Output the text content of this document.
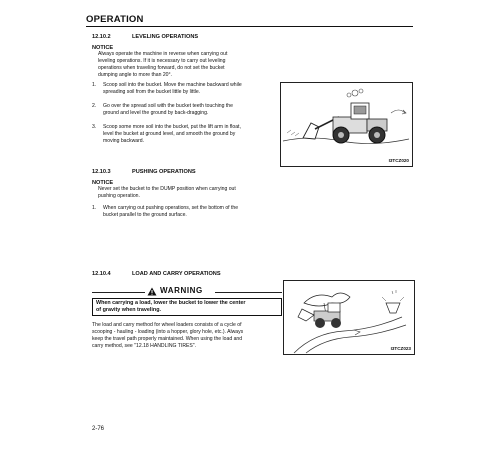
OPERATION
12.10.2	LEVELING OPERATIONS
NOTICE
Always operate the machine in reverse when carrying out
leveling operations. If it is necessary to carry out leveling
operations when traveling forward, do not set the bucket
dumping angle to more than 20°.
1. Scoop soil into the bucket. Move the machine backward while
spreading soil from the bucket little by little.
2. Go over the spread soil with the bucket teeth touching the
ground and level the ground by back-dragging.
3. Scoop some more soil into the bucket, put the lift arm in float,
level the bucket at ground level, and smooth the ground by
moving backward.
I3TCZ020
12.10.3	PUSHING OPERATIONS
NOTICE
Never set the bucket to the DUMP position when carrying out
pushing operation.
1. When carrying out pushing operations, set the bottom of the
bucket parallel to the ground surface.
12.10.4	LOAD AND CARRY OPERATIONS
WARNING
When carrying a load, lower the bucket to lower the center
of gravity when traveling.
The load and carry method for wheel loaders consists of a cycle of
scooping - hauling - loading (into a hopper, glory hole, etc.). Always
keep the travel path properly maintained. When using the load and
carry method, see "12.18 HANDLING TIRES".	I3TCZ023
2-76
